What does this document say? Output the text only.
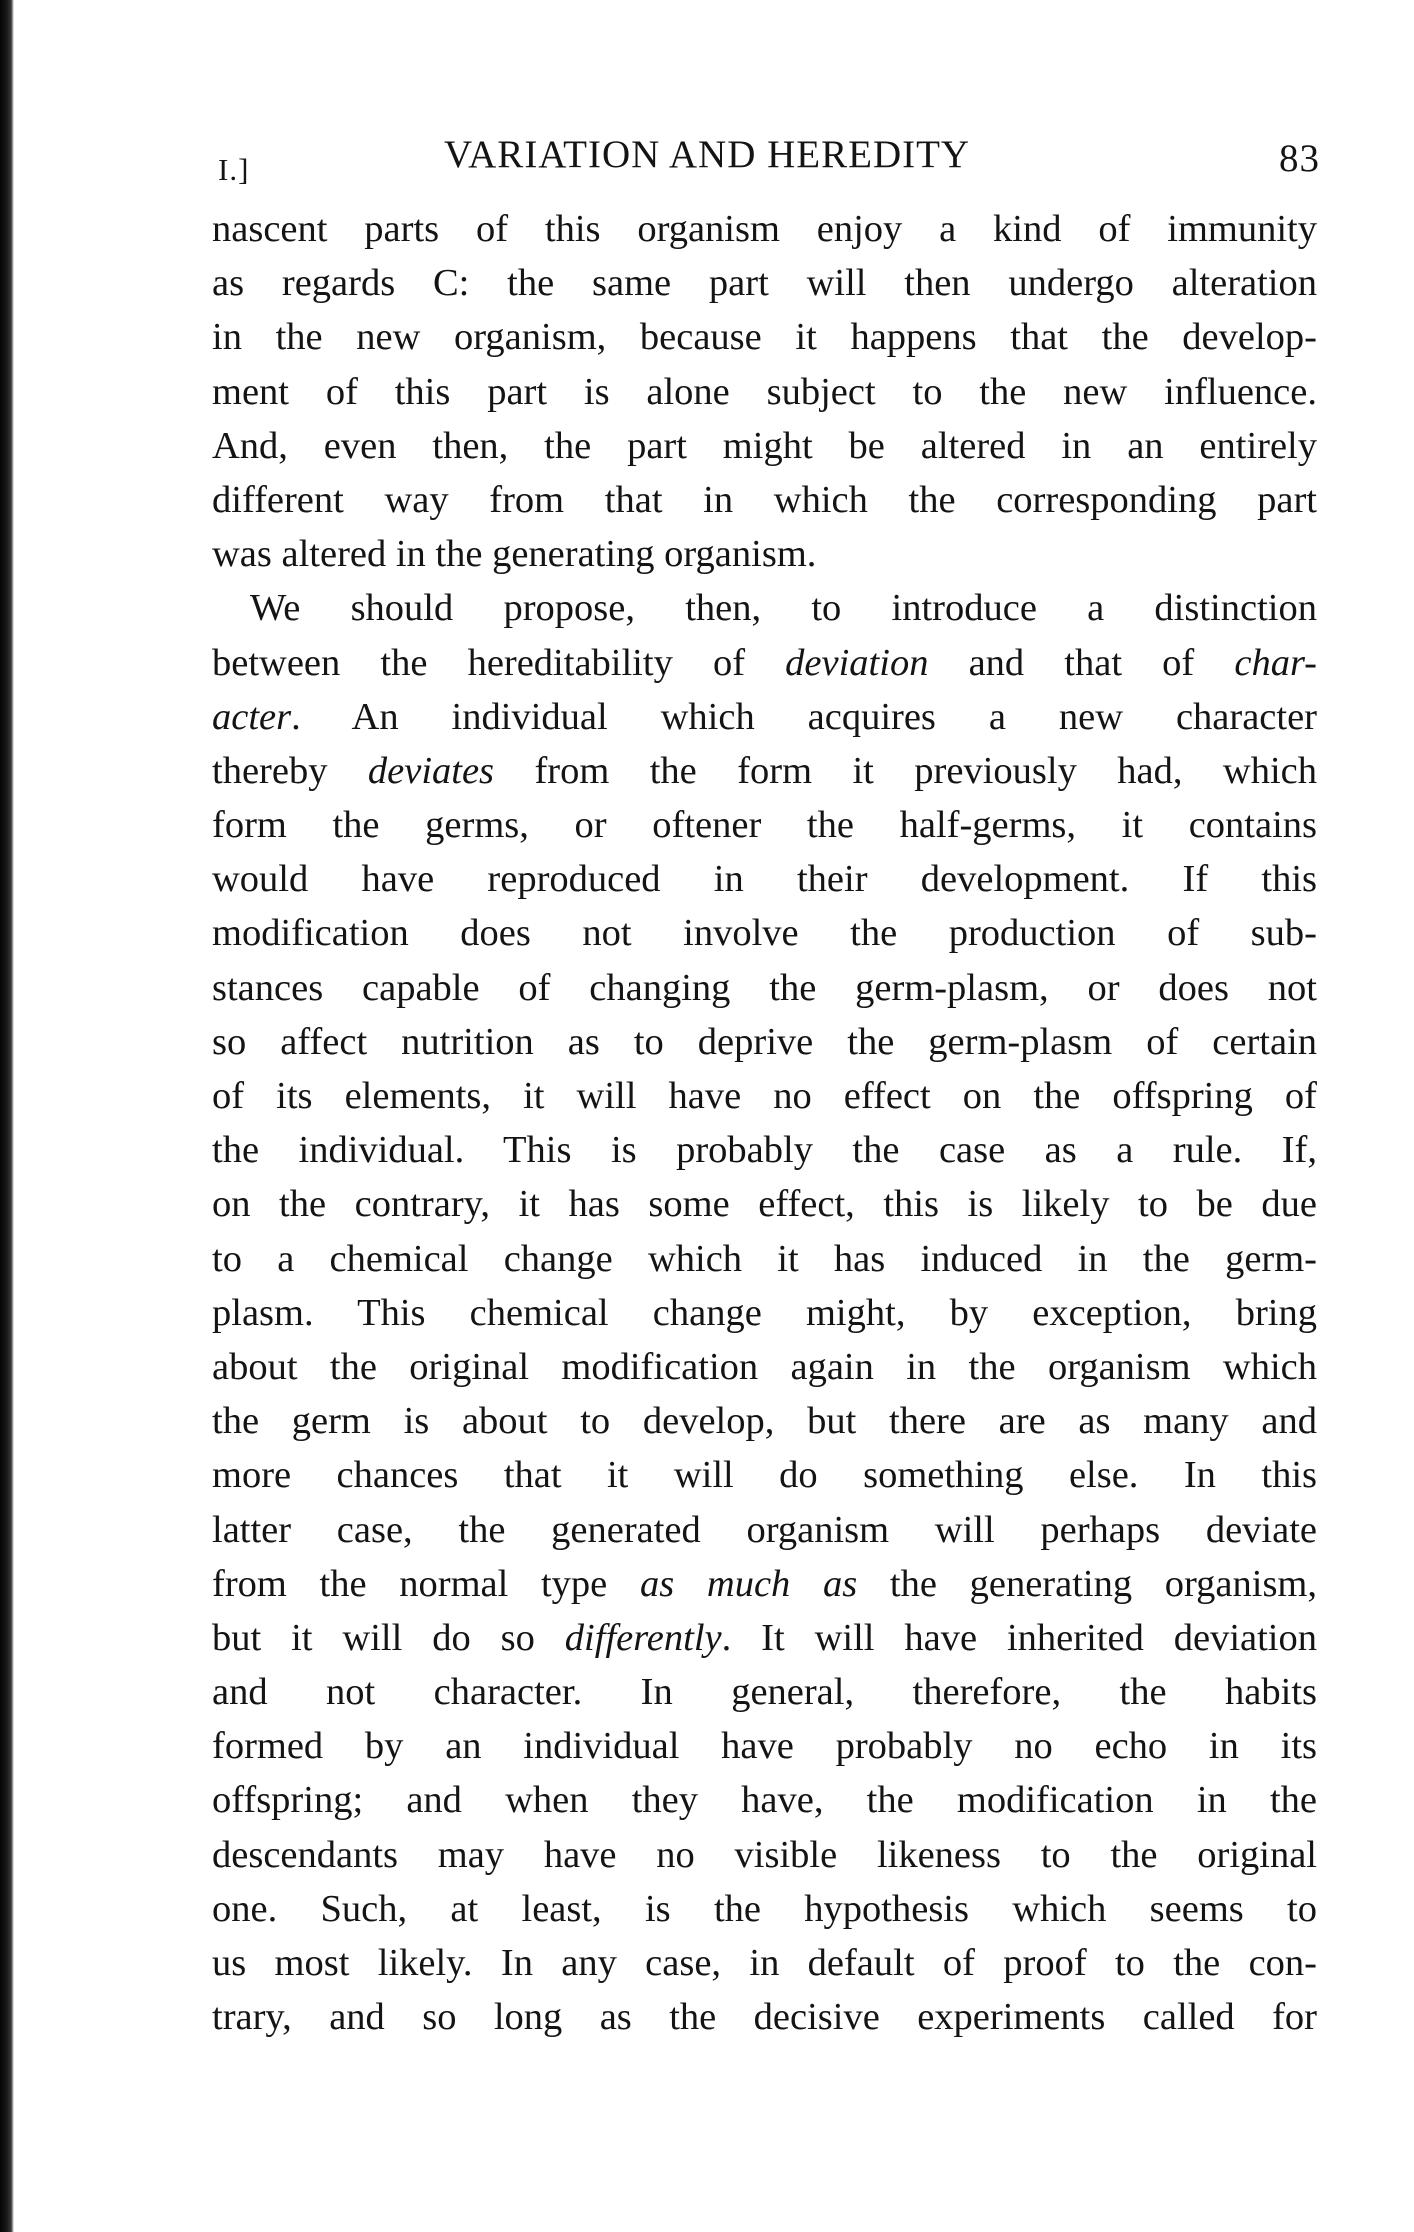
I.]	VARIATION AND HEREDITY	83
nascent parts of this organism enjoy a kind of immunity
as regards C: the same part will then undergo alteration
in the new organism, because it happens that the develop-
ment of this part is alone subject to the new influence.
And, even then, the part might be altered in an entirely
different way from that in which the corresponding part
was altered in the generating organism.
We should propose, then, to introduce a distinction
between the hereditability of deviation and that of char-
acter. An individual which acquires a new character
thereby deviates from the form it previously had, which
form the germs, or oftener the half-germs, it contains
would have reproduced in their development. If this
modification does not involve the production of sub-
stances capable of changing the germ-plasm, or does not
so affect nutrition as to deprive the germ-plasm of certain
of its elements, it will have no effect on the offspring of
the individual. This is probably the case as a rule. If,
on the contrary, it has some effect, this is likely to be due
to a chemical change which it has induced in the germ-
plasm. This chemical change might, by exception, bring
about the original modification again in the organism which
the germ is about to develop, but there are as many and
more chances that it will do something else. In this
latter case, the generated organism will perhaps deviate
from the normal type as much as the generating organism,
but it will do so differently. It will have inherited deviation
and not character. In general, therefore, the habits
formed by an individual have probably no echo in its
offspring; and when they have, the modification in the
descendants may have no visible likeness to the original
one. Such, at least, is the hypothesis which seems to
us most likely. In any case, in default of proof to the con-
trary, and so long as the decisive experiments called for
